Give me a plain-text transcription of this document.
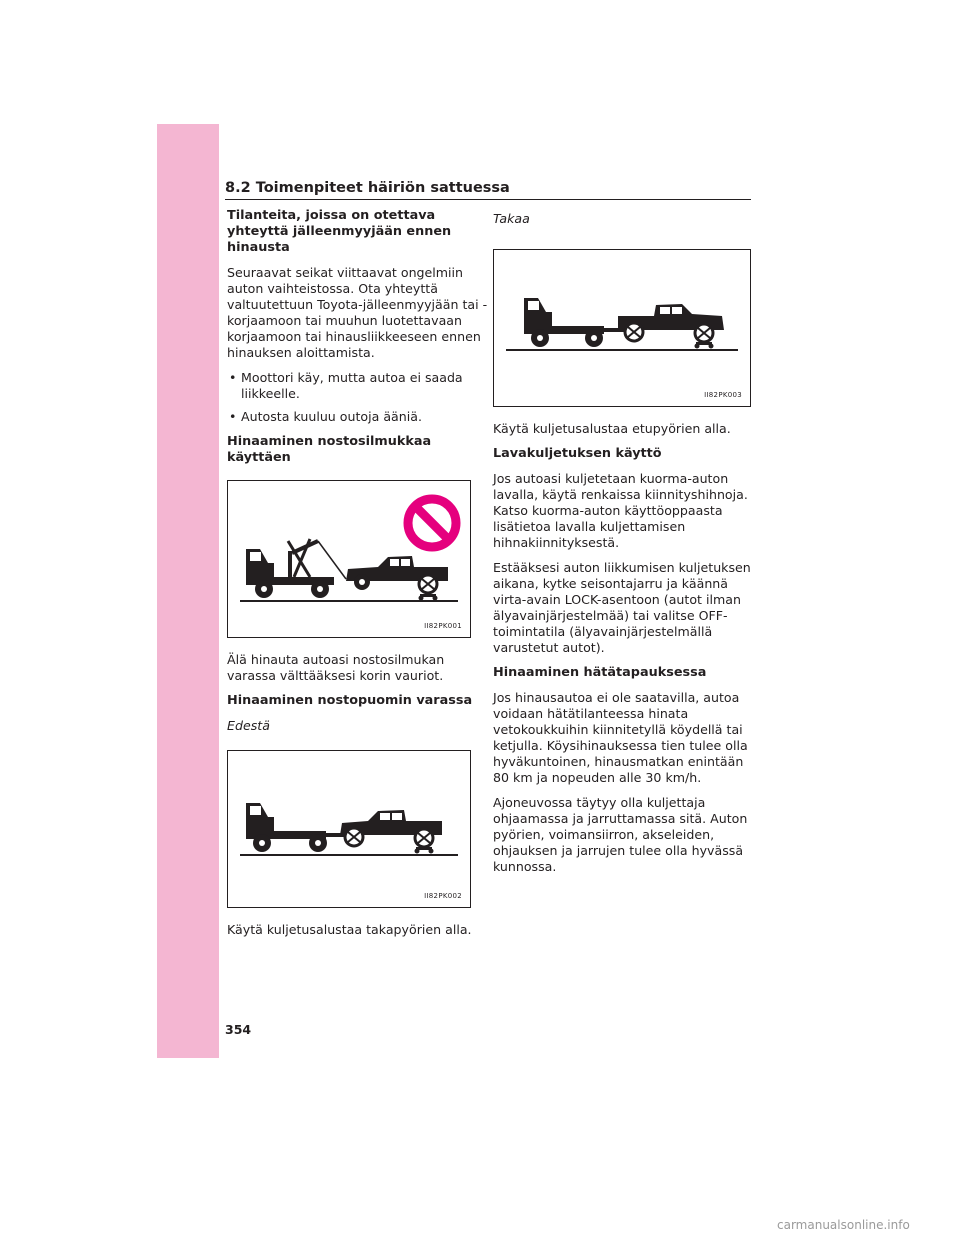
8.2 Toimenpiteet häiriön sattuessa
Tilanteita, joissa on otettava yhteyttä jälleenmyyjään ennen hinausta

Seuraavat seikat viittaavat ongelmiin auton vaihteistossa. Ota yhteyttä valtuutettuun Toyota-jälleenmyyjään tai -korjaamoon tai muuhun luotettavaan korjaamoon tai hinausliikkeeseen ennen hinauksen aloittamista.

• Moottori käy, mutta autoa ei saada liikkeelle.
• Autosta kuuluu outoja ääniä.
Hinaaminen nostosilmukkaa käyttäen
II82PK001

Älä hinauta autoasi nostosilmukan varassa välttääksesi korin vauriot.

Hinaaminen nostopuomin varassa

Edestä

II82PK002

Käytä kuljetusalustaa takapyörien alla.

Takaa

II82PK003

Käytä kuljetusalustaa etupyörien alla.

Lavakuljetuksen käyttö

Jos autoasi kuljetetaan kuorma-auton lavalla, käytä renkaissa kiinnityshihnoja. Katso kuorma-auton käyttöoppaasta lisätietoa lavalla kuljettamisen hihnakiinnityksestä.

Estääksesi auton liikkumisen kuljetuksen aikana, kytke seisontajarru ja käännä virta-avain LOCK-asentoon (autot ilman älyavainjärjestelmää) tai valitse OFF-toimintatila (älyavainjärjestelmällä varustetut autot).

Hinaaminen hätätapauksessa

Jos hinausautoa ei ole saatavilla, autoa voidaan hätätilanteessa hinata vetokoukkuihin kiinnitetyllä köydellä tai ketjulla. Köysihinauksessa tien tulee olla hyväkuntoinen, hinausmatkan enintään 80 km ja nopeuden alle 30 km/h.

Ajoneuvossa täytyy olla kuljettaja ohjaamassa ja jarruttamassa sitä. Auton pyörien, voimansiirron, akseleiden, ohjauksen ja jarrujen tulee olla hyvässä kunnossa.

354
carmanualsonline.info
